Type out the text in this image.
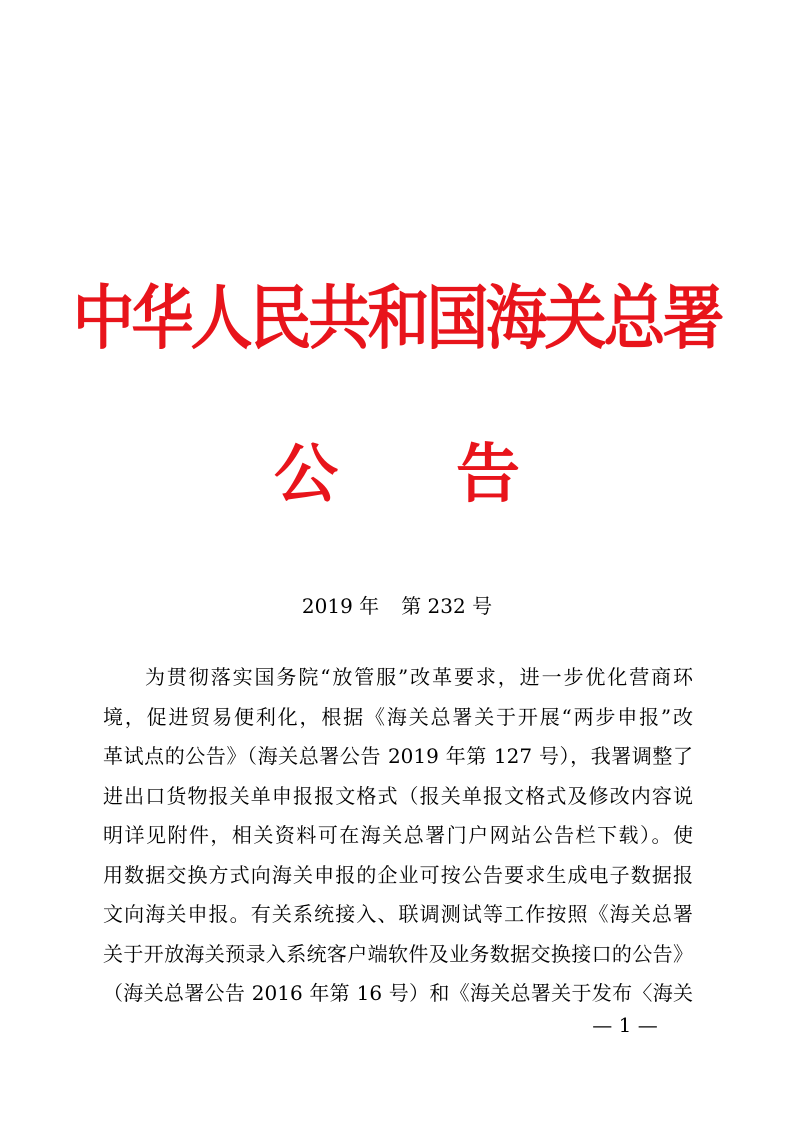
中华人民共和国海关总署
公 告
2019 年 第 232 号
为贯彻落实国务院“放管服”改革要求，进一步优化营商环
境，促进贸易便利化，根据《海关总署关于开展“两步申报”改
革试点的公告》（海关总署公告 2019 年第 127 号），我署调整了
进出口货物报关单申报报文格式（报关单报文格式及修改内容说
明详见附件，相关资料可在海关总署门户网站公告栏下载）。使
用数据交换方式向海关申报的企业可按公告要求生成电子数据报
文向海关申报。有关系统接入、联调测试等工作按照《海关总署
关于开放海关预录入系统客户端软件及业务数据交换接口的公告》
（海关总署公告 2016 年第 16 号）和《海关总署关于发布〈海关
— 1 —
